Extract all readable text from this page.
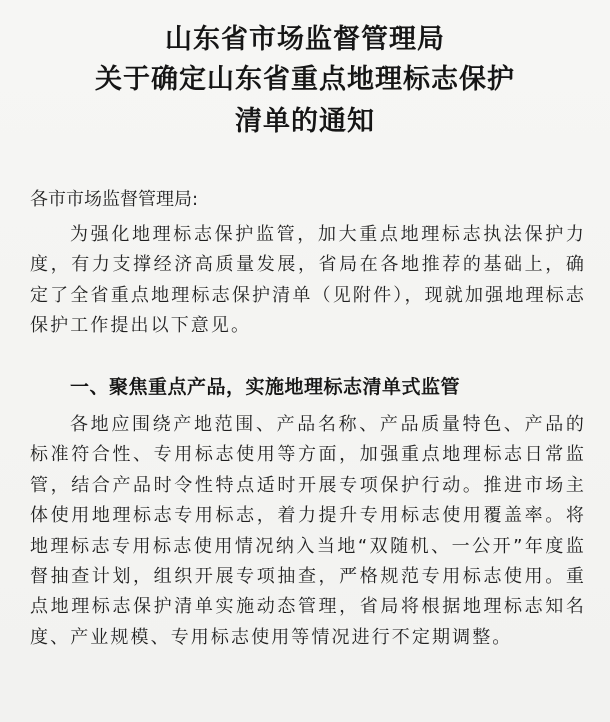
山东省市场监督管理局
关于确定山东省重点地理标志保护
清单的通知

各市市场监督管理局:

为强化地理标志保护监管，加大重点地理标志执法保护力度，有力支撑经济高质量发展，省局在各地推荐的基础上，确定了全省重点地理标志保护清单（见附件），现就加强地理标志保护工作提出以下意见。

一、聚焦重点产品，实施地理标志清单式监管

各地应围绕产地范围、产品名称、产品质量特色、产品的标准符合性、专用标志使用等方面，加强重点地理标志日常监管，结合产品时令性特点适时开展专项保护行动。推进市场主体使用地理标志专用标志，着力提升专用标志使用覆盖率。将地理标志专用标志使用情况纳入当地“双随机、一公开”年度监督抽查计划，组织开展专项抽查，严格规范专用标志使用。重点地理标志保护清单实施动态管理，省局将根据地理标志知名度、产业规模、专用标志使用等情况进行不定期调整。
